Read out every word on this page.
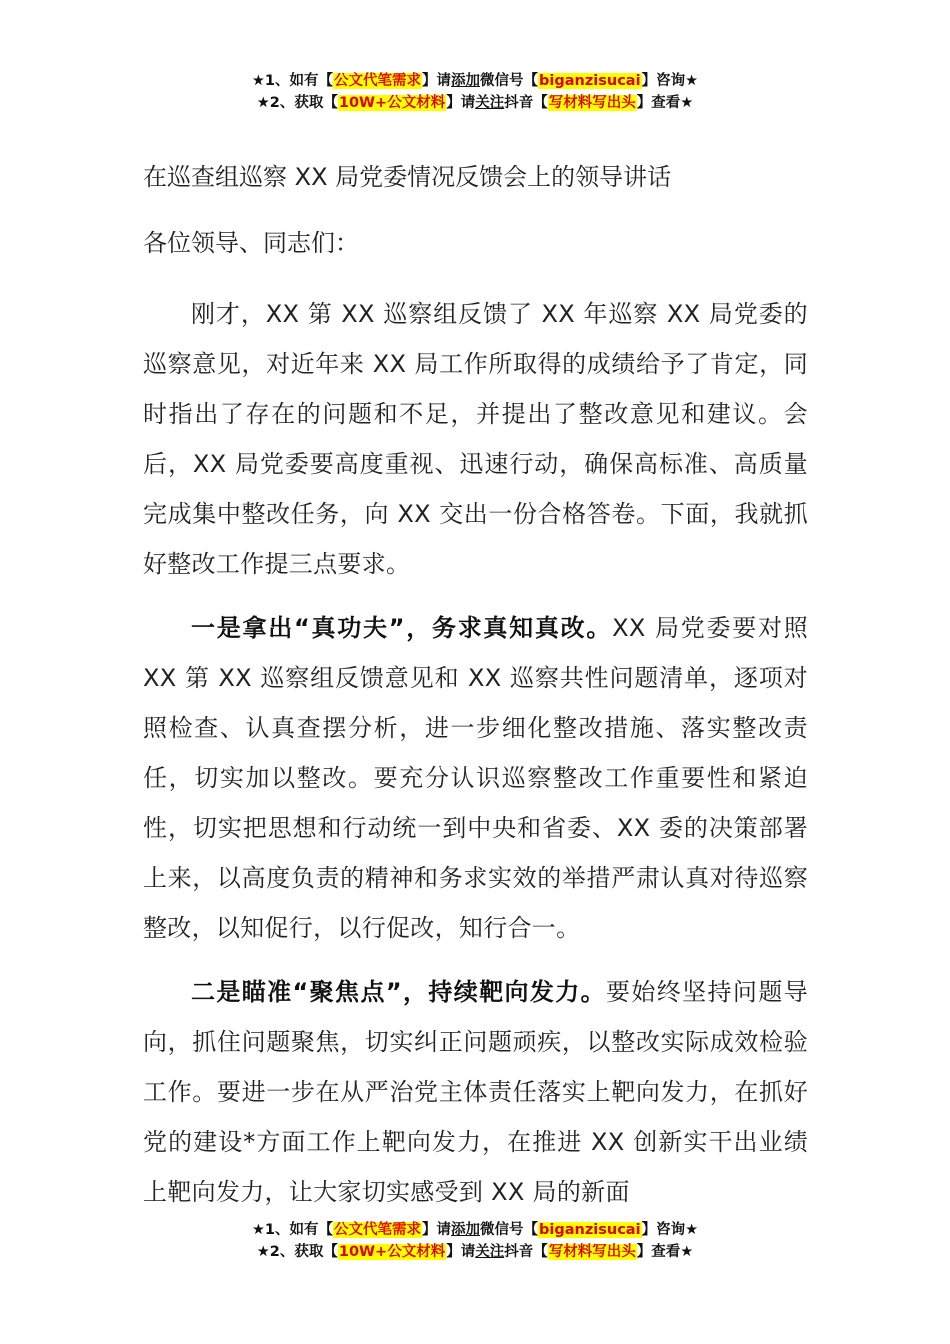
★1、如有【公文代笔需求】请添加微信号【biganzisucai】咨询★
★2、获取【10W+公文材料】请关注抖音【写材料写出头】查看★
在巡查组巡察 XX 局党委情况反馈会上的领导讲话

各位领导、同志们：

刚才，XX 第 XX 巡察组反馈了 XX 年巡察 XX 局党委的巡察意见，对近年来 XX 局工作所取得的成绩给予了肯定，同时指出了存在的问题和不足，并提出了整改意见和建议。会后，XX 局党委要高度重视、迅速行动，确保高标准、高质量完成集中整改任务，向 XX 交出一份合格答卷。下面，我就抓好整改工作提三点要求。

一是拿出“真功夫”，务求真知真改。XX 局党委要对照 XX 第 XX 巡察组反馈意见和 XX 巡察共性问题清单，逐项对照检查、认真查摆分析，进一步细化整改措施、落实整改责任，切实加以整改。要充分认识巡察整改工作重要性和紧迫性，切实把思想和行动统一到中央和省委、XX 委的决策部署上来，以高度负责的精神和务求实效的举措严肃认真对待巡察整改，以知促行，以行促改，知行合一。

二是瞄准“聚焦点”，持续靶向发力。要始终坚持问题导向，抓住问题聚焦，切实纠正问题顽疾，以整改实际成效检验工作。要进一步在从严治党主体责任落实上靶向发力，在抓好党的建设*方面工作上靶向发力，在推进 XX 创新实干出业绩上靶向发力，让大家切实感受到 XX 局的新面

★1、如有【公文代笔需求】请添加微信号【biganzisucai】咨询★
★2、获取【10W+公文材料】请关注抖音【写材料写出头】查看★
